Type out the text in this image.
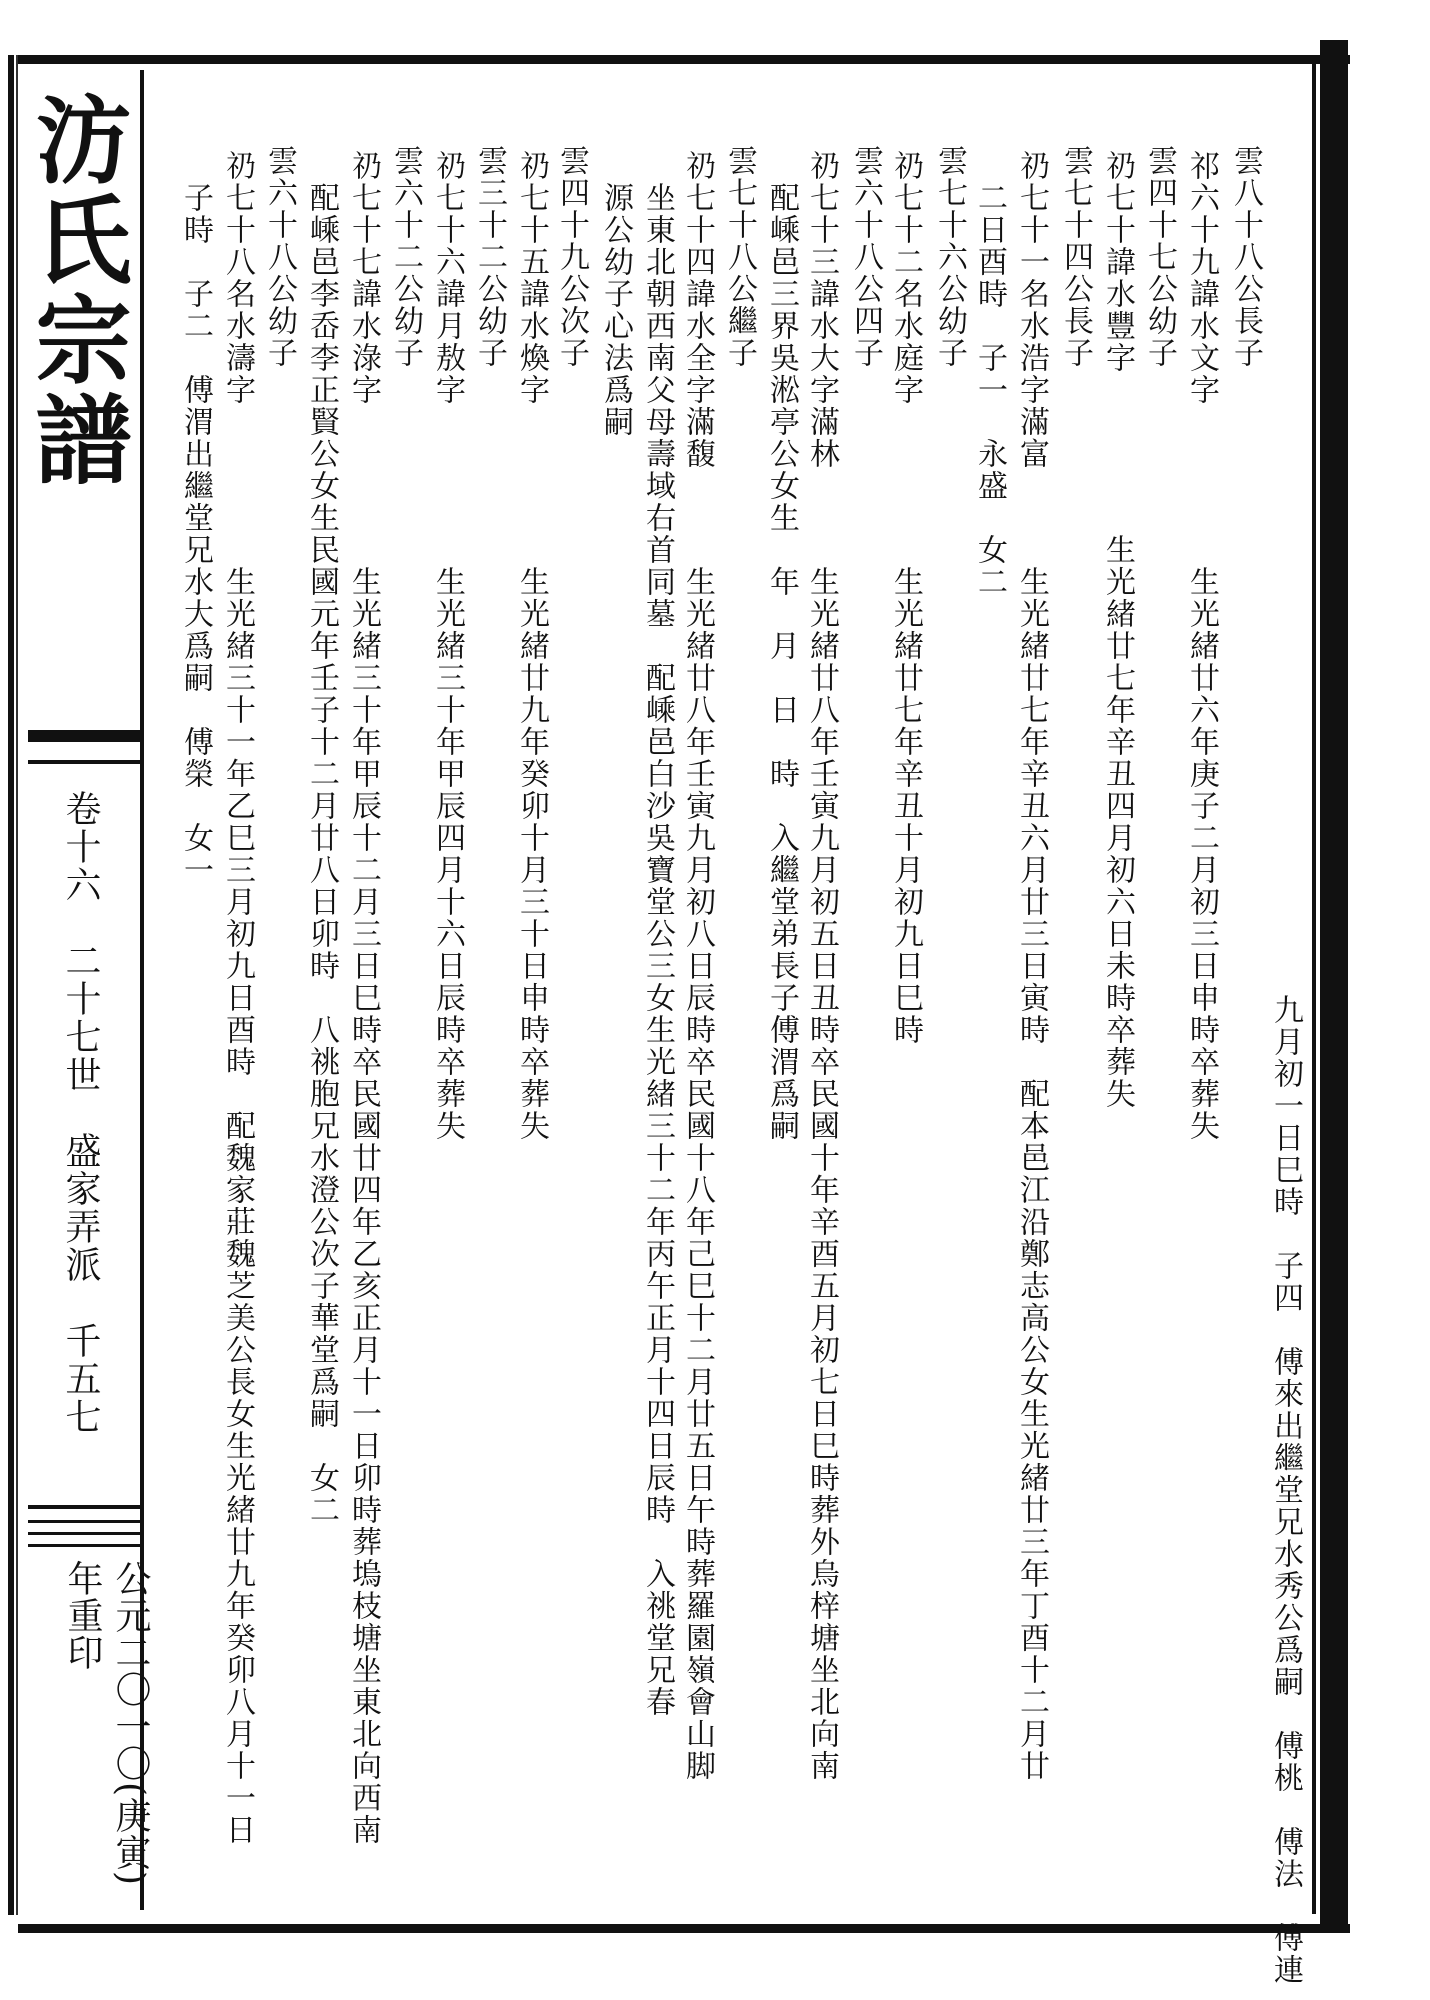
汸氏宗譜
卷十六　二十七世　盛家弄派　千五七
公元二〇一〇(庚寅)年重印	　　　　　　　　　　　　　　　　　　　　　　　　　　　九月初一日巳時　子四　傅來出繼堂兄水秀公爲嗣　傅桃　傅法　傅連
雲八十八公長子
祁六十九諱水文字　　　　　生光緒廿六年庚子二月初三日申時卒葬失
雲四十七公幼子
礽七十諱水豐字　　　　　生光緒廿七年辛丑四月初六日未時卒葬失
雲七十四公長子
礽七十一名水浩字滿富　　　生光緒廿七年辛丑六月廿三日寅時　配本邑江沿鄭志高公女生光緒廿三年丁酉十二月廿
　二日酉時　子一　永盛　女二
雲七十六公幼子
礽七十二名水庭字　　　　　生光緒廿七年辛丑十月初九日巳時
雲六十八公四子
礽七十三諱水大字滿林　　　生光緒廿八年壬寅九月初五日丑時卒民國十年辛酉五月初七日巳時葬外烏梓塘坐北向南
　配嵊邑三界吳淞亭公女生　年　月　日　時　入繼堂弟長子傅渭爲嗣
雲七十八公繼子
礽七十四諱水全字滿馥　　　生光緒廿八年壬寅九月初八日辰時卒民國十八年己巳十二月廿五日午時葬羅園嶺會山脚
　坐東北朝西南父母壽域右首同墓　配嵊邑白沙吳寶堂公三女生光緒三十二年丙午正月十四日辰時　入祧堂兄春
　源公幼子心法爲嗣
雲四十九公次子
礽七十五諱水煥字　　　　　生光緒廿九年癸卯十月三十日申時卒葬失
雲三十二公幼子
礽七十六諱月敖字　　　　　生光緒三十年甲辰四月十六日辰時卒葬失
雲六十二公幼子
礽七十七諱水淥字　　　　　生光緒三十年甲辰十二月三日巳時卒民國廿四年乙亥正月十一日卯時葬塢枝塘坐東北向西南
　配嵊邑李岙李正賢公女生民國元年壬子十二月廿八日卯時　八祧胞兄水澄公次子華堂爲嗣　女二
雲六十八公幼子
礽七十八名水濤字　　　　　生光緒三十一年乙巳三月初九日酉時　配魏家莊魏芝美公長女生光緒廿九年癸卯八月十一日
　子時　子二　傅渭出繼堂兄水大爲嗣　傅榮　女一
